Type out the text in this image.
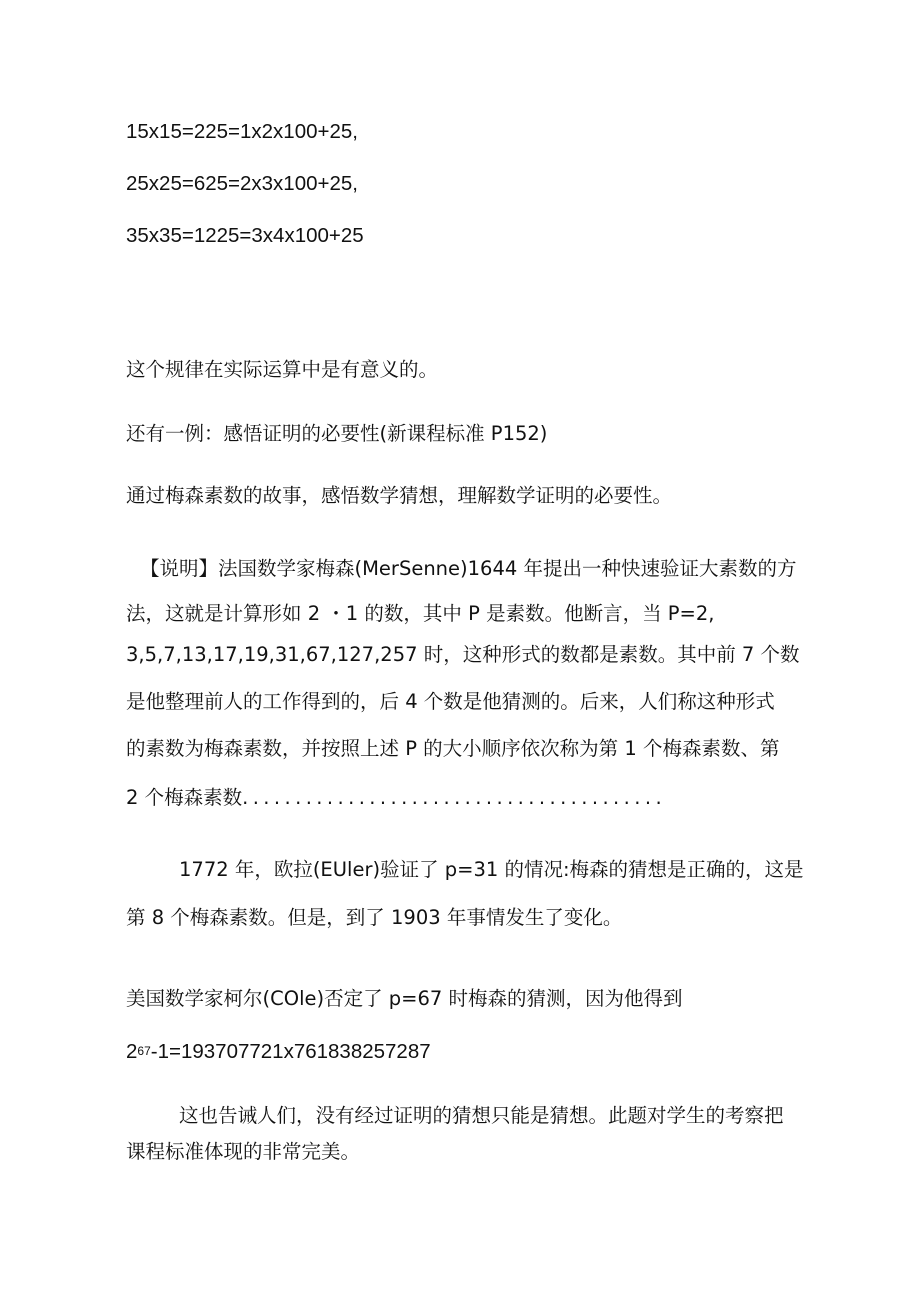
15x15=225=1x2x100+25,

25x25=625=2x3x100+25,

35x35=1225=3x4x100+25

这个规律在实际运算中是有意义的。

还有一例：感悟证明的必要性(新课程标准 P152)

通过梅森素数的故事，感悟数学猜想，理解数学证明的必要性。

【说明】法国数学家梅森(MerSenne)1644 年提出一种快速验证大素数的方

法，这就是计算形如 2 ・1 的数，其中 P 是素数。他断言，当 P=2,

3,5,7,13,17,19,31,67,127,257 时，这种形式的数都是素数。其中前 7 个数

是他整理前人的工作得到的，后 4 个数是他猜测的。后来，人们称这种形式

的素数为梅森素数，并按照上述 P 的大小顺序依次称为第 1 个梅森素数、第

2 个梅森素数........................................

1772 年，欧拉(EUler)验证了 p=31 的情况:梅森的猜想是正确的，这是

第 8 个梅森素数。但是，到了 1903 年事情发生了变化。

美国数学家柯尔(COle)否定了 p=67 时梅森的猜测，因为他得到

$2^{67}-1=193707721x761838257287$

这也告诫人们，没有经过证明的猜想只能是猜想。此题对学生的考察把

课程标准体现的非常完美。
